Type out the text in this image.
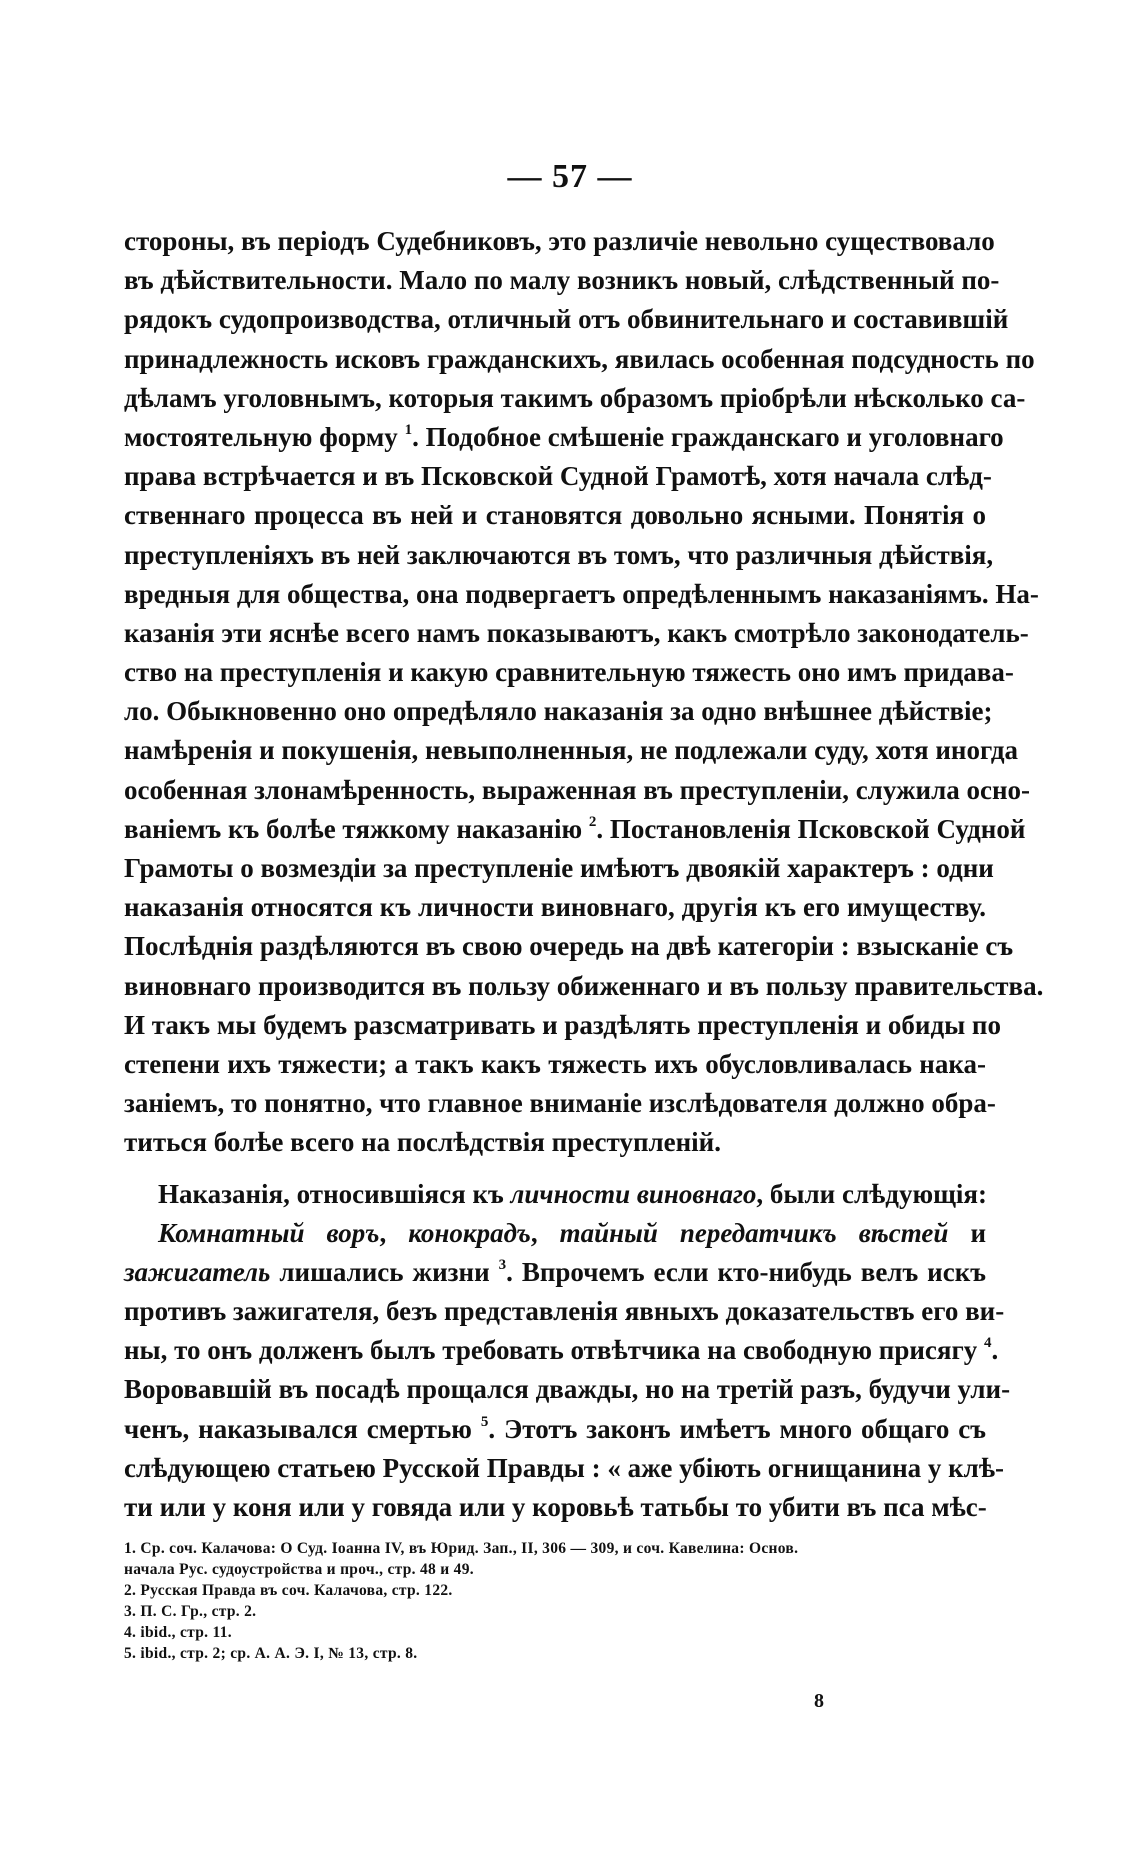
— 57 —
стороны, въ періодъ Судебниковъ, это различіе невольно существовало
въ дѣйствительности. Мало по малу возникъ новый, слѣдственный по-
рядокъ судопроизводства, отличный отъ обвинительнаго и составившій
принадлежность исковъ гражданскихъ, явилась особенная подсудность по
дѣламъ уголовнымъ, которыя такимъ образомъ пріобрѣли нѣсколько са-
мостоятельную форму $^1$. Подобное смѣшеніе гражданскаго и уголовнаго
права встрѣчается и въ Псковской Судной Грамотѣ, хотя начала слѣд-
ственнаго процесса въ ней и становятся довольно ясными. Понятія о
преступленіяхъ въ ней заключаются въ томъ, что различныя дѣйствія,
вредныя для общества, она подвергаетъ опредѣленнымъ наказаніямъ. На-
казанія эти яснѣе всего намъ показываютъ, какъ смотрѣло законодатель-
ство на преступленія и какую сравнительную тяжесть оно имъ придава-
ло. Обыкновенно оно опредѣляло наказанія за одно внѣшнее дѣйствіе;
намѣренія и покушенія, невыполненныя, не подлежали суду, хотя иногда
особенная злонамѣренность, выраженная въ преступленіи, служила осно-
ваніемъ къ болѣе тяжкому наказанію $^2$. Постановленія Псковской Судной
Грамоты о возмездіи за преступленіе имѣютъ двоякій характеръ : одни
наказанія относятся къ личности виновнаго, другія къ его имуществу.
Послѣднія раздѣляются въ свою очередь на двѣ категоріи : взысканіе съ
виновнаго производится въ пользу обиженнаго и въ пользу правительства.
И такъ мы будемъ разсматривать и раздѣлять преступленія и обиды по
степени ихъ тяжести; а такъ какъ тяжесть ихъ обусловливалась нака-
заніемъ, то понятно, что главное вниманіе изслѣдователя должно обра-
титься болѣе всего на послѣдствія преступленій.
Наказанія, относившіяся къ личности виновнаго, были слѣдующія:
Комнатный воръ, конокрадъ, тайный передатчикъ вѣстей и
зажигатель лишались жизни $^3$. Впрочемъ если кто-нибудь велъ искъ
противъ зажигателя, безъ представленія явныхъ доказательствъ его ви-
ны, то онъ долженъ былъ требовать отвѣтчика на свободную присягу $^4$.
Воровавшій въ посадѣ прощался дважды, но на третій разъ, будучи ули-
ченъ, наказывался смертью $^5$. Этотъ законъ имѣетъ много общаго съ
слѣдующею статьею Русской Правды : « аже убіють огнищанина у клѣ-
ти или у коня или у говяда или у коровьѣ татьбы то убити въ пса мѣс-
1. Ср. соч. Калачова: О Суд. Іоанна IV, въ Юрид. Зап., II, 306 — 309, и соч. Кавелина: Основ.
начала Рус. судоустройства и проч., стр. 48 и 49.
2. Русская Правда въ соч. Калачова, стр. 122.
3. П. С. Гр., стр. 2.
4. ibid., стр. 11.
5. ibid., стр. 2; ср. А. А. Э. I, № 13, стр. 8.
8
